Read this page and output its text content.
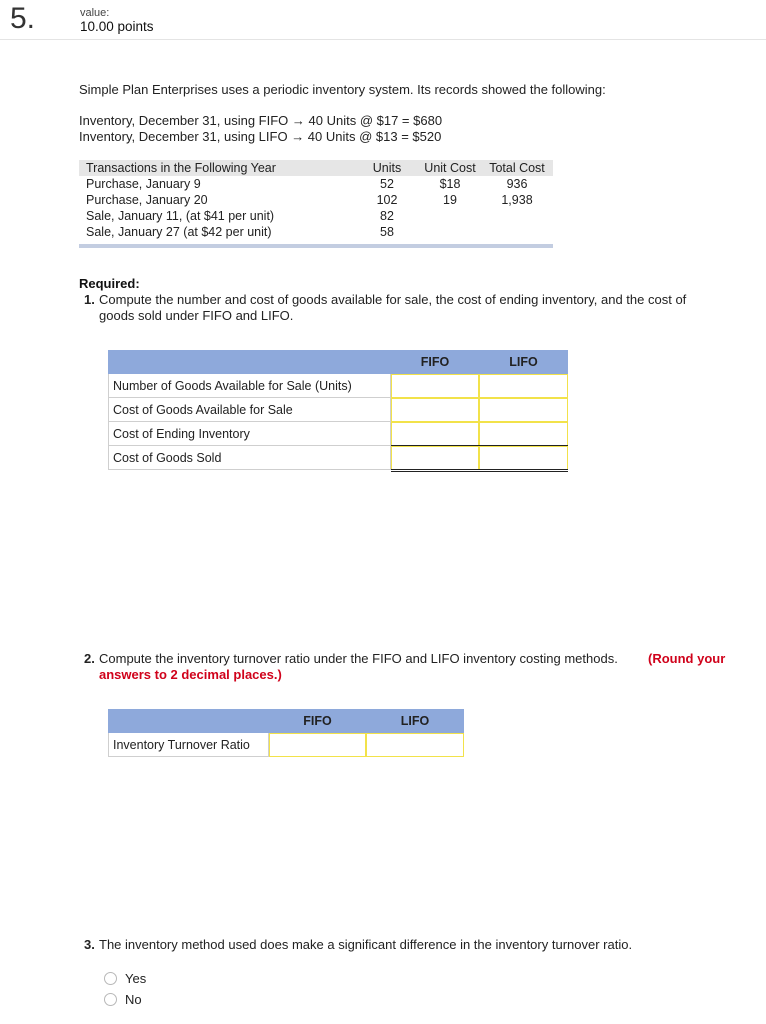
5.	value:
10.00 points
Simple Plan Enterprises uses a periodic inventory system. Its records showed the following:
Inventory, December 31, using FIFO → 40 Units @ $17 = $680
Inventory, December 31, using LIFO → 40 Units @ $13 = $520
Transactions in the Following Year	Units	Unit Cost	Total Cost
Purchase, January 9	52	$18	936
Purchase, January 20	102	19	1,938
Sale, January 11, (at $41 per unit)	82
Sale, January 27 (at $42 per unit)	58
Required:
1. Compute the number and cost of goods available for sale, the cost of ending inventory, and the cost of
goods sold under FIFO and LIFO.
FIFO	LIFO
Number of Goods Available for Sale (Units)
Cost of Goods Available for Sale
Cost of Ending Inventory
Cost of Goods Sold
2. Compute the inventory turnover ratio under the FIFO and LIFO inventory costing methods. (Round your
answers to 2 decimal places.)
FIFO	LIFO
Inventory Turnover Ratio
3. The inventory method used does make a significant difference in the inventory turnover ratio.
Yes
No
